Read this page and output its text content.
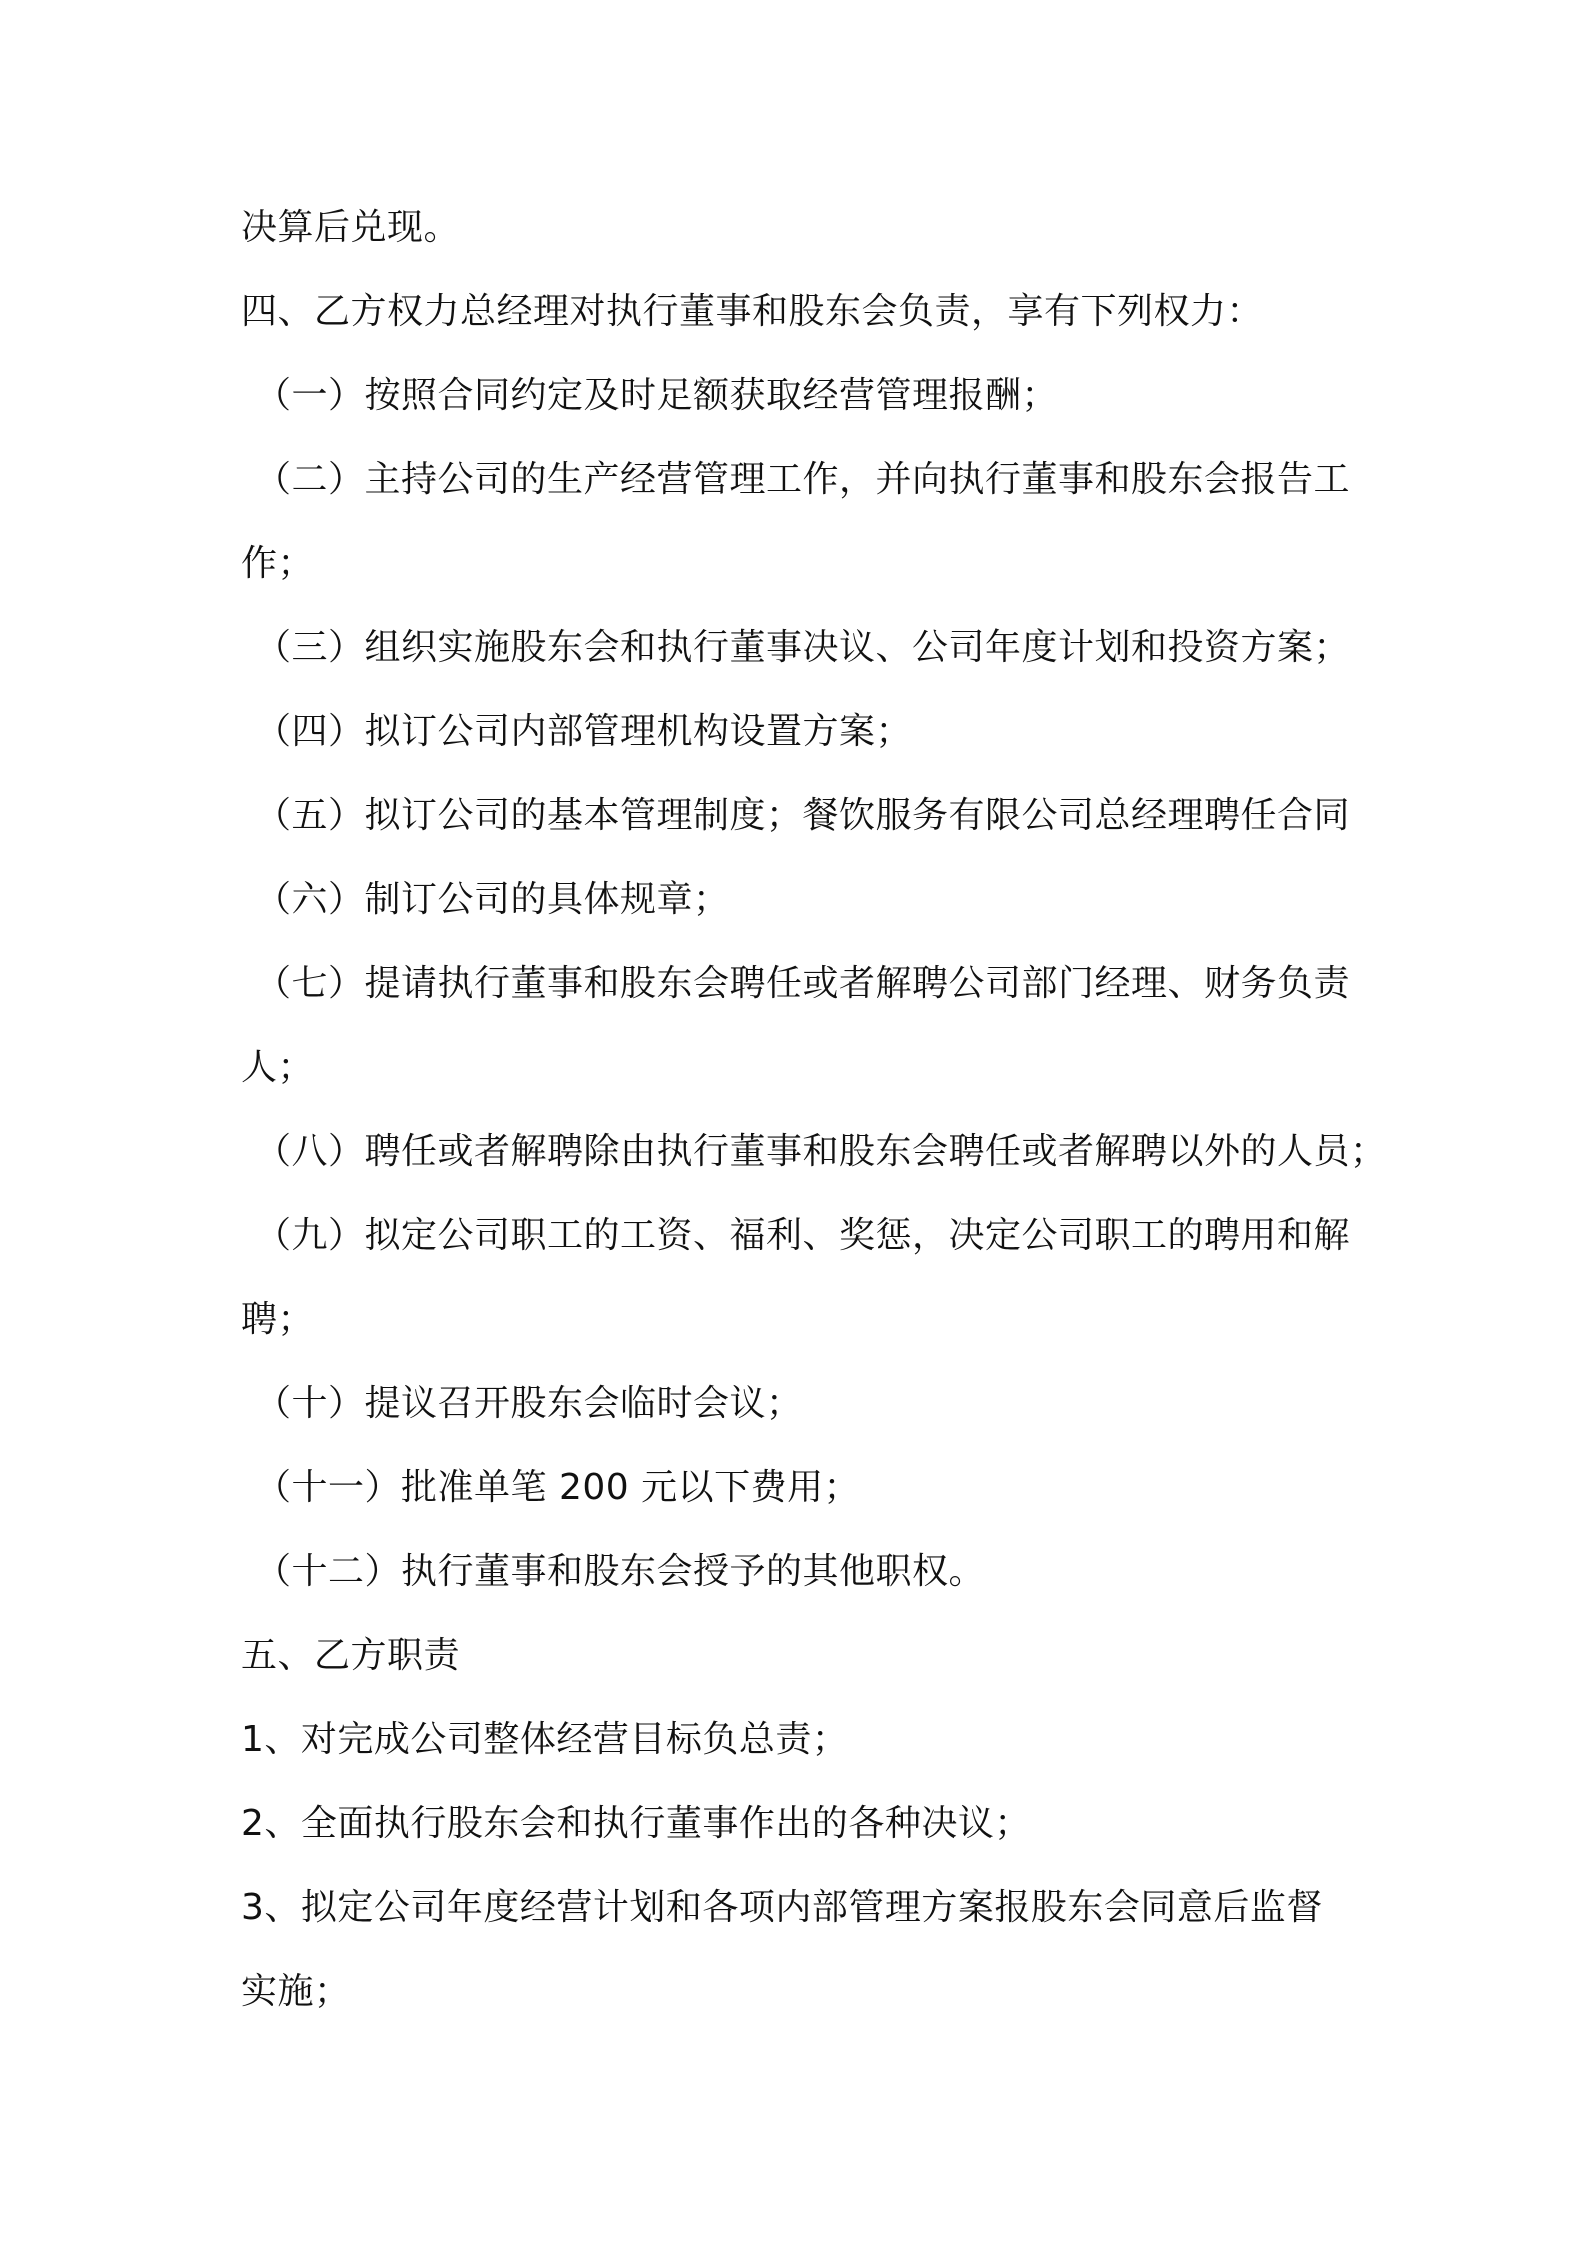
决算后兑现。
四、乙方权力总经理对执行董事和股东会负责，享有下列权力：
（一）按照合同约定及时足额获取经营管理报酬；
（二）主持公司的生产经营管理工作，并向执行董事和股东会报告工
作；
（三）组织实施股东会和执行董事决议、公司年度计划和投资方案；
（四）拟订公司内部管理机构设置方案；
（五）拟订公司的基本管理制度；餐饮服务有限公司总经理聘任合同
（六）制订公司的具体规章；
（七）提请执行董事和股东会聘任或者解聘公司部门经理、财务负责
人；
（八）聘任或者解聘除由执行董事和股东会聘任或者解聘以外的人员；
（九）拟定公司职工的工资、福利、奖惩，决定公司职工的聘用和解
聘；
（十）提议召开股东会临时会议；
（十一）批准单笔 200 元以下费用；
（十二）执行董事和股东会授予的其他职权。
五、乙方职责
1、对完成公司整体经营目标负总责；
2、全面执行股东会和执行董事作出的各种决议；
3、拟定公司年度经营计划和各项内部管理方案报股东会同意后监督
实施；
